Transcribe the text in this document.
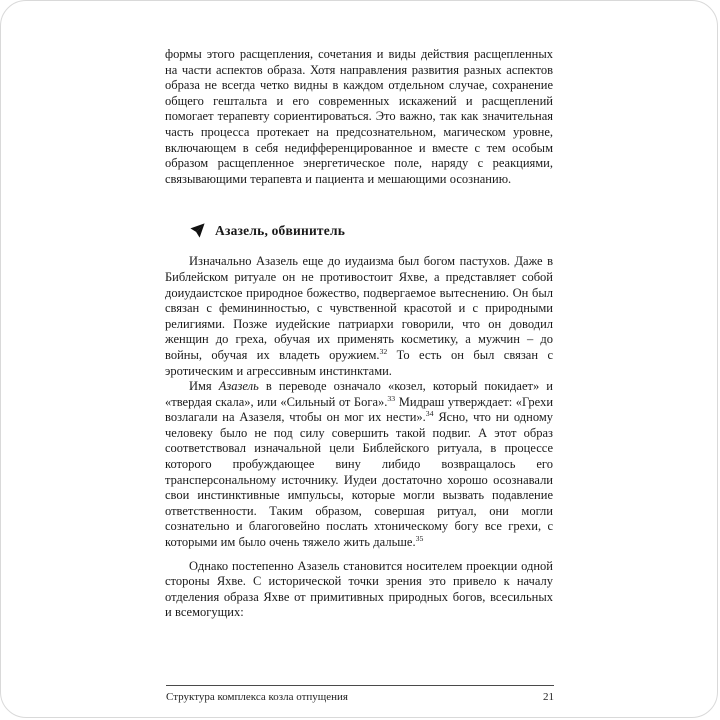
формы этого расщепления, сочетания и виды действия расщепленных на части аспектов образа. Хотя направления развития разных аспектов образа не всегда четко видны в каждом отдельном случае, сохранение общего гештальта и его современных искажений и расщеплений помогает терапевту сориентироваться. Это важно, так как значительная часть процесса протекает на предсознательном, магическом уровне, включающем в себя недифференцированное и вместе с тем особым образом расщепленное энергетическое поле, наряду с реакциями, связывающими терапевта и пациента и мешающими осознанию.

Азазель, обвинитель

Изначально Азазель еще до иудаизма был богом пастухов. Даже в Библейском ритуале он не противостоит Яхве, а представляет собой доиудаистское природное божество, подвергаемое вытеснению. Он был связан с фемининностью, с чувственной красотой и с природными религиями. Позже иудейские патриархи говорили, что он доводил женщин до греха, обучая их применять косметику, а мужчин – до войны, обучая их владеть оружием.$^{32}$ То есть он был связан с эротическим и агрессивным инстинктами.

Имя Азазель в переводе означало «козел, который покидает» и «твердая скала», или «Сильный от Бога».$^{33}$ Мидраш утверждает: «Грехи возлагали на Азазеля, чтобы он мог их нести».$^{34}$ Ясно, что ни одному человеку было не под силу совершить такой подвиг. А этот образ соответствовал изначальной цели Библейского ритуала, в процессе которого пробуждающее вину либидо возвращалось его трансперсональному источнику. Иудеи достаточно хорошо осознавали свои инстинктивные импульсы, которые могли вызвать подавление ответственности. Таким образом, совершая ритуал, они могли сознательно и благоговейно послать хтоническому богу все грехи, с которыми им было очень тяжело жить дальше.$^{35}$

Однако постепенно Азазель становится носителем проекции одной стороны Яхве. С исторической точки зрения это привело к началу отделения образа Яхве от примитивных природных богов, всесильных и всемогущих:

Структура комплекса козла отпущения	21
